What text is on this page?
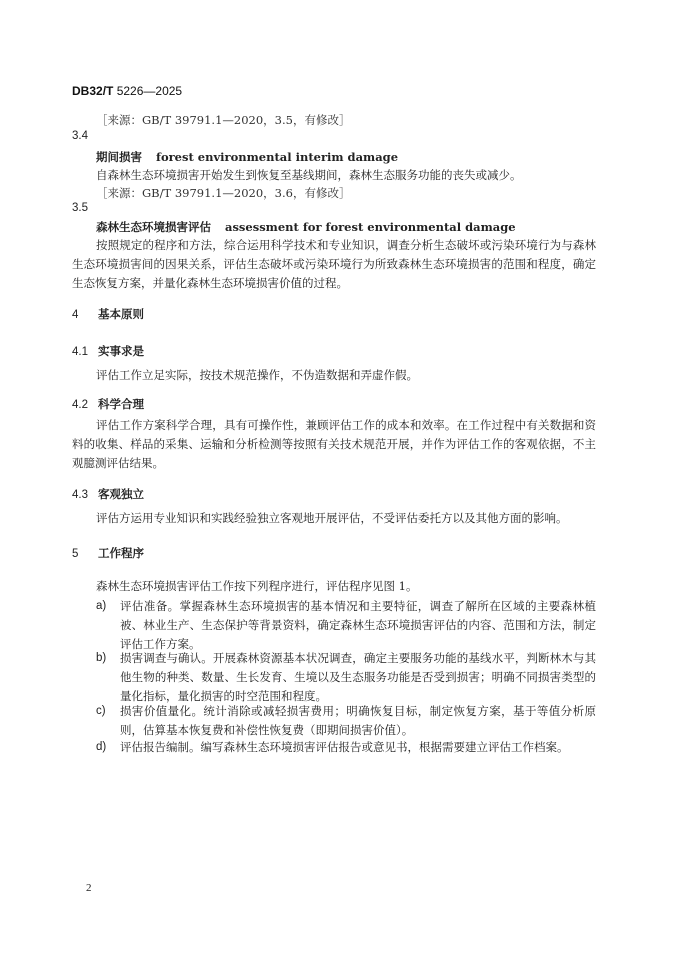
DB32/T 5226—2025
［来源：GB/T 39791.1—2020，3.5，有修改］
3.4
期间损害 forest environmental interim damage
自森林生态环境损害开始发生到恢复至基线期间，森林生态服务功能的丧失或减少。
［来源：GB/T 39791.1—2020，3.6，有修改］
3.5
森林生态环境损害评估 assessment for forest environmental damage
按照规定的程序和方法，综合运用科学技术和专业知识，调查分析生态破坏或污染环境行为与森林生态环境损害间的因果关系，评估生态破坏或污染环境行为所致森林生态环境损害的范围和程度，确定生态恢复方案，并量化森林生态环境损害价值的过程。
4 基本原则
4.1 实事求是
评估工作立足实际，按技术规范操作，不伪造数据和弄虚作假。
4.2 科学合理
评估工作方案科学合理，具有可操作性，兼顾评估工作的成本和效率。在工作过程中有关数据和资料的收集、样品的采集、运输和分析检测等按照有关技术规范开展，并作为评估工作的客观依据，不主观臆测评估结果。
4.3 客观独立
评估方运用专业知识和实践经验独立客观地开展评估，不受评估委托方以及其他方面的影响。
5 工作程序
森林生态环境损害评估工作按下列程序进行，评估程序见图 1。
a) 评估准备。掌握森林生态环境损害的基本情况和主要特征，调查了解所在区域的主要森林植被、林业生产、生态保护等背景资料，确定森林生态环境损害评估的内容、范围和方法，制定评估工作方案。
b) 损害调查与确认。开展森林资源基本状况调查，确定主要服务功能的基线水平，判断林木与其他生物的种类、数量、生长发育、生境以及生态服务功能是否受到损害；明确不同损害类型的量化指标，量化损害的时空范围和程度。
c) 损害价值量化。统计消除或减轻损害费用；明确恢复目标，制定恢复方案，基于等值分析原则，估算基本恢复费和补偿性恢复费（即期间损害价值）。
d) 评估报告编制。编写森林生态环境损害评估报告或意见书，根据需要建立评估工作档案。
2
